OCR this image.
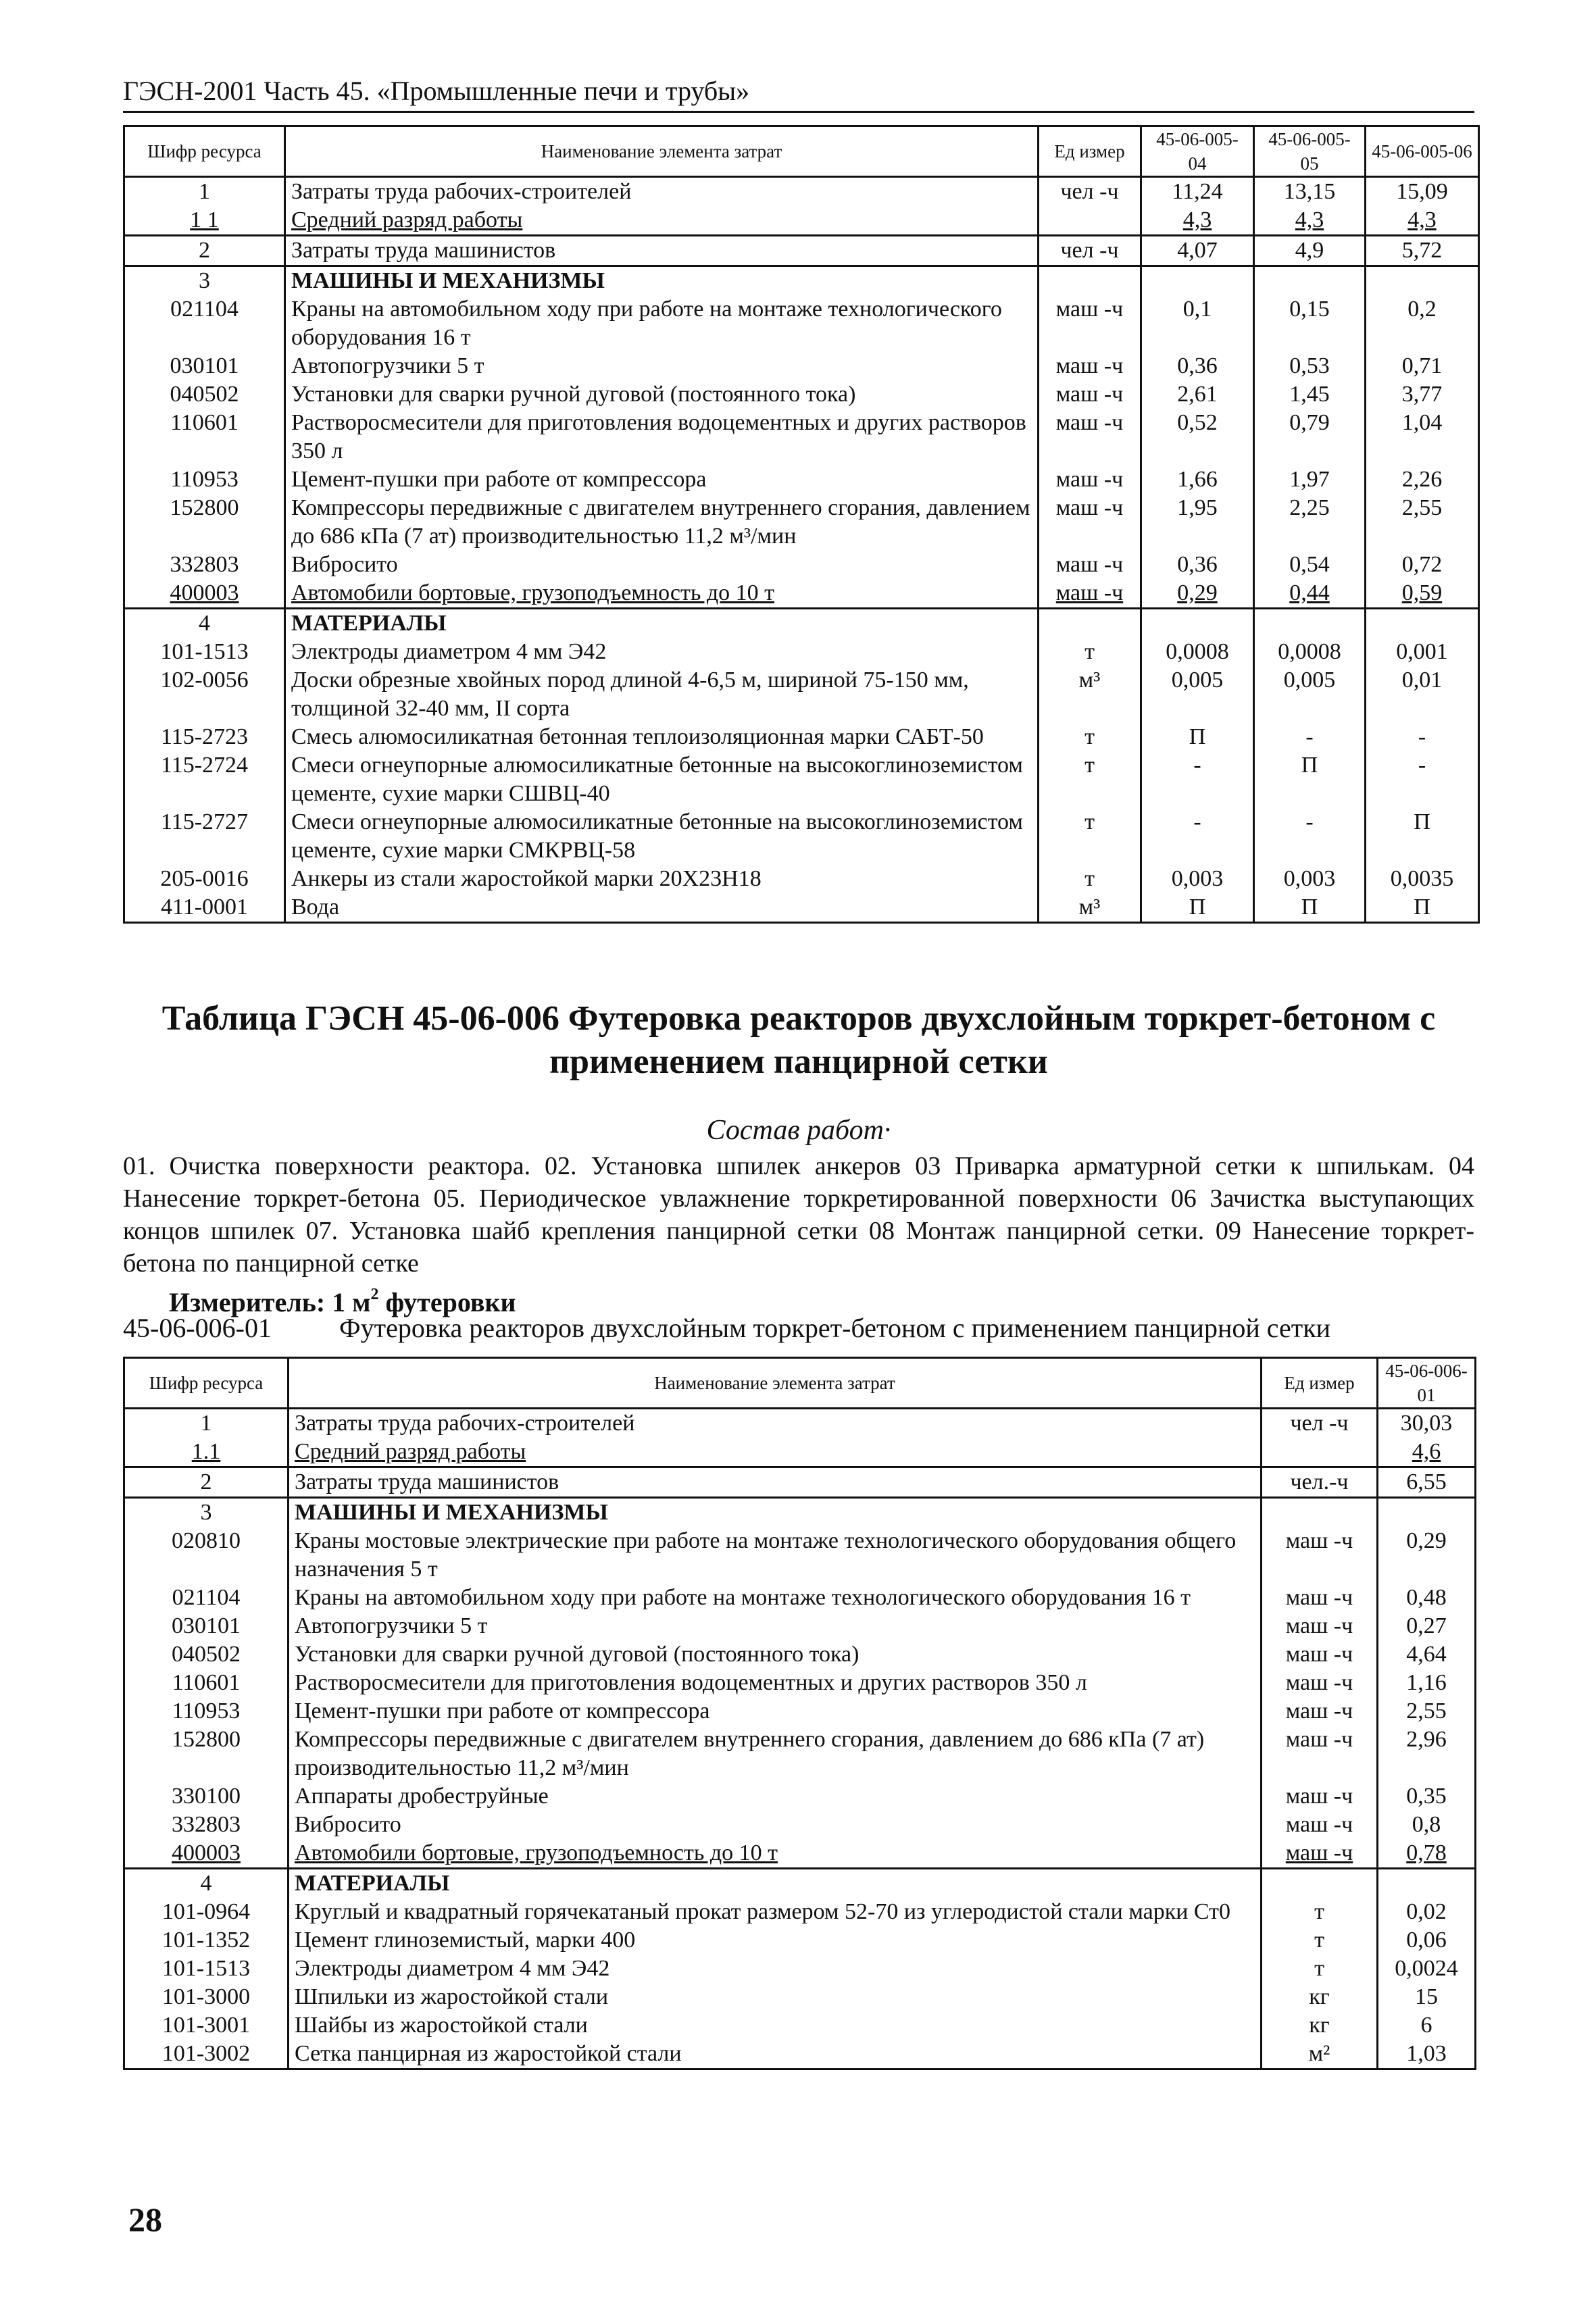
ГЭСН-2001 Часть 45. «Промышленные печи и трубы»
Шифр ресурса	Наименование элемента затрат	Ед измер	45-06-005-04	45-06-005-05	45-06-005-06
1	Затраты труда рабочих-строителей	чел -ч	11,24	13,15	15,09
1 1	Средний разряд работы		4,3	4,3	4,3
2	Затраты труда машинистов	чел -ч	4,07	4,9	5,72
3	МАШИНЫ И МЕХАНИЗМЫ				
021104	Краны на автомобильном ходу при работе на монтаже технологического оборудования 16 т	маш -ч	0,1	0,15	0,2
030101	Автопогрузчики 5 т	маш -ч	0,36	0,53	0,71
040502	Установки для сварки ручной дуговой (постоянного тока)	маш -ч	2,61	1,45	3,77
110601	Растворосмесители для приготовления водоцементных и других растворов 350 л	маш -ч	0,52	0,79	1,04
110953	Цемент-пушки при работе от компрессора	маш -ч	1,66	1,97	2,26
152800	Компрессоры передвижные с двигателем внутреннего сгорания, давлением до 686 кПа (7 ат) производительностью 11,2 м³/мин	маш -ч	1,95	2,25	2,55
332803	Вибросито	маш -ч	0,36	0,54	0,72
400003	Автомобили бортовые, грузоподъемность до 10 т	маш -ч	0,29	0,44	0,59
4	МАТЕРИАЛЫ				
101-1513	Электроды диаметром 4 мм Э42	т	0,0008	0,0008	0,001
102-0056	Доски обрезные хвойных пород длиной 4-6,5 м, шириной 75-150 мм, толщиной 32-40 мм, II сорта	м³	0,005	0,005	0,01
115-2723	Смесь алюмосиликатная бетонная теплоизоляционная марки САБТ-50	т	П	-	-
115-2724	Смеси огнеупорные алюмосиликатные бетонные на высокоглиноземистом цементе, сухие марки СШВЦ-40	т	-	П	-
115-2727	Смеси огнеупорные алюмосиликатные бетонные на высокоглиноземистом цементе, сухие марки СМКРВЦ-58	т	-	-	П
205-0016	Анкеры из стали жаростойкой марки 20Х23Н18	т	0,003	0,003	0,0035
411-0001	Вода	м³	П	П	П
Таблица ГЭСН 45-06-006 Футеровка реакторов двухслойным торкрет-бетоном с применением панцирной сетки
Состав работ·
01. Очистка поверхности реактора. 02. Установка шпилек анкеров 03 Приварка арматурной сетки к шпилькам. 04 Нанесение торкрет-бетона 05. Периодическое увлажнение торкретированной поверхности 06 Зачистка выступающих концов шпилек 07. Установка шайб крепления панцирной сетки 08 Монтаж панцирной сетки. 09 Нанесение торкрет-бетона по панцирной сетке
Измеритель: 1 $м^2$ футеровки
45-06-006-01	Футеровка реакторов двухслойным торкрет-бетоном с применением панцирной сетки
Шифр ресурса	Наименование элемента затрат	Ед измер	45-06-006-01
1	Затраты труда рабочих-строителей	чел -ч	30,03
1.1	Средний разряд работы		4,6
2	Затраты труда машинистов	чел.-ч	6,55
3	МАШИНЫ И МЕХАНИЗМЫ		
020810	Краны мостовые электрические при работе на монтаже технологического оборудования общего назначения 5 т	маш -ч	0,29
021104	Краны на автомобильном ходу при работе на монтаже технологического оборудования 16 т	маш -ч	0,48
030101	Автопогрузчики 5 т	маш -ч	0,27
040502	Установки для сварки ручной дуговой (постоянного тока)	маш -ч	4,64
110601	Растворосмесители для приготовления водоцементных и других растворов 350 л	маш -ч	1,16
110953	Цемент-пушки при работе от компрессора	маш -ч	2,55
152800	Компрессоры передвижные с двигателем внутреннего сгорания, давлением до 686 кПа (7 ат) производительностью 11,2 м³/мин	маш -ч	2,96
330100	Аппараты дробеструйные	маш -ч	0,35
332803	Вибросито	маш -ч	0,8
400003	Автомобили бортовые, грузоподъемность до 10 т	маш -ч	0,78
4	МАТЕРИАЛЫ		
101-0964	Круглый и квадратный горячекатаный прокат размером 52-70 из углеродистой стали марки Ст0	т	0,02
101-1352	Цемент глиноземистый, марки 400	т	0,06
101-1513	Электроды диаметром 4 мм Э42	т	0,0024
101-3000	Шпильки из жаростойкой стали	кг	15
101-3001	Шайбы из жаростойкой стали	кг	6
101-3002	Сетка панцирная из жаростойкой стали	м²	1,03
28
